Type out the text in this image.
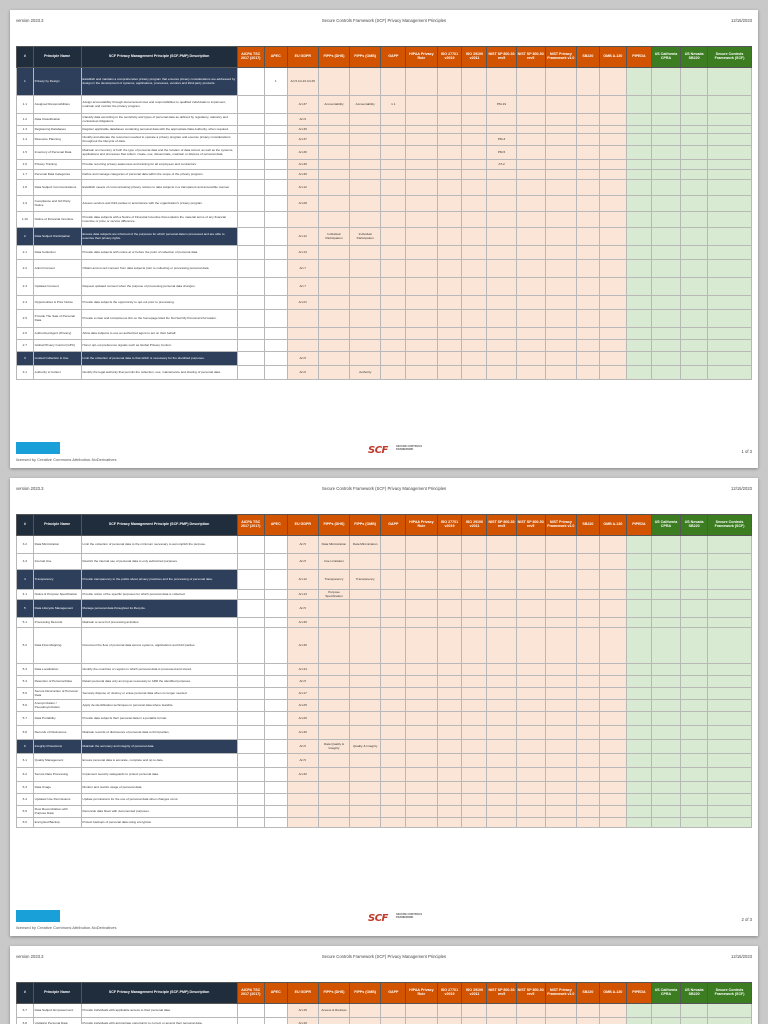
version 2023.3	Secure Controls Framework (SCF) Privacy Management Principles	12/15/2023
#	Principle Name	SCF Privacy Management Principle (SCF-PMP) Description	AICPA TSC 2017 (2017)	APEC	EU GDPR	FIPPs (DHS)	FIPPs (OMB)	GAPP	HIPAA Privacy Rule	ISO 27701 v2019	ISO 29100 v2011	NIST SP 800-53 rev5	NIST SP 800-53 rev5	NIST Privacy Framework v1.0	SB220	OMB A-130	PIPEDA	US California CPRA	US Nevada SB220	Secure Controls Framework (SCF)
1	Privacy by Design	Establish and maintain a comprehensive privacy program that ensures privacy considerations are addressed by design in the development of systems, applications, processes, vendors and third-party products.		1	Art.5 Art.24 Art.25															
1.1	Assigned Responsibilities	Assign accountability through documented roles and responsibilities to qualified individuals to implement, maintain and monitor the privacy program.			Art.37	Accountability	Accountability	1.1				PM-19								
1.2	Data Classification	Classify data according to the sensitivity and types of personal data as defined by regulatory, statutory and contractual obligations.			Art.9															
1.3	Registering Databases	Register applicable databases containing personal data with the appropriate Data Authority, when required.			Art.30															
1.4	Resource Planning	Identify and allocate the resources needed to operate a privacy program and execute privacy considerations throughout the lifecycle of data.			Art.37							PM-3								
1.5	Inventory of Personal Data	Maintain an inventory of both the type of personal data and the location of data stored, as well as the systems, applications and processes that collect, create, use, disseminate, maintain or dispose of personal data.			Art.30							PM-5								
1.6	Privacy Training	Provide recurring privacy awareness and training for all employees and contractors.			Art.39							AT-2								
1.7	Personal Data Categories	Define and manage categories of personal data within the scope of the privacy program.			Art.30															
1.8	Data Subject Communications	Establish means of communicating privacy notices to data subjects in a transparent and accessible manner.			Art.12															
1.9	Compliance and 3rd Party Notice	Assess vendors and third-parties in accordance with the organization's privacy program.			Art.28															
1.10	Notice of Financial Incentive	Provide data subjects with a Notice of Financial Incentive that explains the material terms of any financial incentive or price or service difference.																		
2	Data Subject Participation	Ensure data subjects are informed of the purposes for which personal data is processed and are able to exercise their privacy rights.			Art.12	Individual Participation	Individual Participation													
2.1	Data Collection	Provide data subjects with notice at or before the point of collection of personal data.			Art.13															
2.2	Admit Consent	Obtain and record consent from data subjects prior to collecting or processing personal data.			Art.7															
2.3	Updated Consent	Request updated consent when the purpose of processing personal data changes.			Art.7															
2.4	Opportunities & Prior Notice	Provide data subjects the opportunity to opt-out prior to processing.			Art.21															
2.5	Provide The Sale of Personal Data	Provide a clear and conspicuous link on the homepage titled Do Not Sell My Personal Information.																		
2.6	Authorized Agent (Privacy)	Allow data subjects to use an authorized agent to act on their behalf.																		
2.7	Global Privacy Control (GPC)	Honor opt-out preference signals such as Global Privacy Control.																		
3	Limited Collection & Use	Limit the collection of personal data to that which is necessary for the identified purposes.			Art.5															
3.1	Authority to Collect	Identify the legal authority that permits the collection, use, maintenance and sharing of personal data.			Art.6		Authority													
licensed by Creative Commons Attribution-NoDerivatives
SCF	SECURE CONTROLS FRAMEWORK	1 of 3
version 2023.3	Secure Controls Framework (SCF) Privacy Management Principles	12/15/2023
#	Principle Name	SCF Privacy Management Principle (SCF-PMP) Description	AICPA TSC 2017 (2017)	APEC	EU GDPR	FIPPs (DHS)	FIPPs (OMB)	GAPP	HIPAA Privacy Rule	ISO 27701 v2019	ISO 29100 v2011	NIST SP 800-53 rev5	NIST SP 800-53 rev5	NIST Privacy Framework v1.0	SB220	OMB A-130	PIPEDA	US California CPRA	US Nevada SB220	Secure Controls Framework (SCF)
3.2	Data Minimization	Limit the collection of personal data to the minimum necessary to accomplish the purpose.			Art.5	Data Minimization	Data Minimization													
3.3	Internal Use	Restrict the internal use of personal data to only authorized purposes.			Art.5	Use Limitation														
4	Transparency	Provide transparency to the public about privacy practices and the processing of personal data.			Art.12	Transparency	Transparency													
4.1	Notice & Purpose Specification	Provide notice of the specific purposes for which personal data is collected.			Art.13	Purpose Specification														
5	Data Lifecycle Management	Manage personal data throughout its lifecycle.			Art.5															
5.1	Processing Records	Maintain a record of processing activities.			Art.30															
5.2	Data Flow Mapping	Document the flow of personal data across systems, applications and third parties.			Art.30															
5.3	Data Localization	Identify the countries or regions in which personal data is processed and stored.			Art.44															
5.4	Retention of Personal Data	Retain personal data only as long as necessary to fulfill the identified purposes.			Art.5															
5.5	Secure Destruction of Personal Data	Securely dispose of, destroy or erase personal data when no longer needed.			Art.17															
5.6	Anonymization / Pseudonymization	Apply de-identification techniques to personal data where feasible.			Art.25															
5.7	Data Portability	Provide data subjects their personal data in a portable format.			Art.20															
5.8	Records of Disclosures	Maintain records of disclosures of personal data to third parties.			Art.30															
6	Integrity Protections	Maintain the accuracy and integrity of personal data.			Art.5	Data Quality & Integrity	Quality & Integrity													
6.1	Quality Management	Ensure personal data is accurate, complete and up to date.			Art.5															
6.2	Secure Data Processing	Implement security safeguards to protect personal data.			Art.32															
6.3	Data Usage	Monitor and restrict usage of personal data.																		
6.4	Updated Use Permissions	Update permissions for the use of personal data when changes occur.																		
6.5	Flow Reconciliation with Purpose Data	Reconcile data flows with documented purposes.																		
6.6	Encrypted Backup	Protect backups of personal data using encryption.																		
licensed by Creative Commons Attribution-NoDerivatives
SCF	SECURE CONTROLS FRAMEWORK	2 of 3
version 2023.3	Secure Controls Framework (SCF) Privacy Management Principles	12/15/2023
#	Principle Name	SCF Privacy Management Principle (SCF-PMP) Description	AICPA TSC 2017 (2017)	APEC	EU GDPR	FIPPs (DHS)	FIPPs (OMB)	GAPP	HIPAA Privacy Rule	ISO 27701 v2019	ISO 29100 v2011	NIST SP 800-53 rev5	NIST SP 800-53 rev5	NIST Privacy Framework v1.0	SB220	OMB A-130	PIPEDA	US California CPRA	US Nevada SB220	Secure Controls Framework (SCF)
6.7	Data Subject Empowerment	Provide individuals with applicable access to their personal data.			Art.15	Access & Redress														
6.8	Updating Personal Data	Provide individuals with appropriate opportunity to correct or amend their personal data.			Art.16															
